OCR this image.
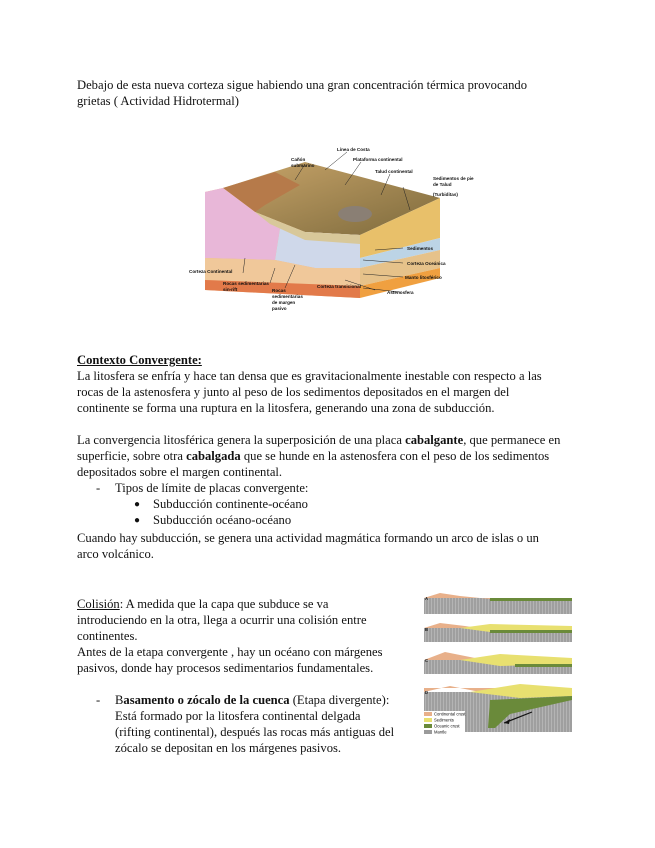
Debajo de esta nueva corteza sigue habiendo una gran concentración térmica provocando

grietas ( Actividad Hidrotermal)

Línea de Costa
Cañón
submarino
Plataforma continental
Talud continental
Sedimentos de pie
de Talud
(Turbiditas)
Sedimentos
Corteza Oceánica
Manto litosférico
Astenosfera
Corteza Continental
Rocas sedimentarias
sin-rift	Rocas
sedimentarias
de margen
pasivo
Corteza transicional

Contexto Convergente:

La litosfera se enfría y hace tan densa que es gravitacionalmente inestable con respecto a las

rocas de la astenosfera y junto al peso de los sedimentos depositados en el margen del

continente se forma una ruptura en la litosfera, generando una zona de subducción.

La convergencia litosférica genera la superposición de una placa cabalgante, que permanece en

superficie, sobre otra cabalgada que se hunde en la astenosfera con el peso de los sedimentos

depositados sobre el margen continental.

- Tipos de límite de placas convergente:

● Subducción continente-océano

● Subducción océano-océano

Cuando hay subducción, se genera una actividad magmática formando un arco de islas o un

arco volcánico.

Colisión: A medida que la capa que subduce se va

introduciendo en la otra, llega a ocurrir una colisión entre

continentes.

Antes de la etapa convergente , hay un océano con márgenes

pasivos, donde hay procesos sedimentarios fundamentales.

- Basamento o zócalo de la cuenca (Etapa divergente):

Está formado por la litosfera continental delgada

(rifting continental), después las rocas más antiguas del

zócalo se depositan en los márgenes pasivos.

A
B
C
D
Continental crust
Sediments
Oceanic crust
Mantle
